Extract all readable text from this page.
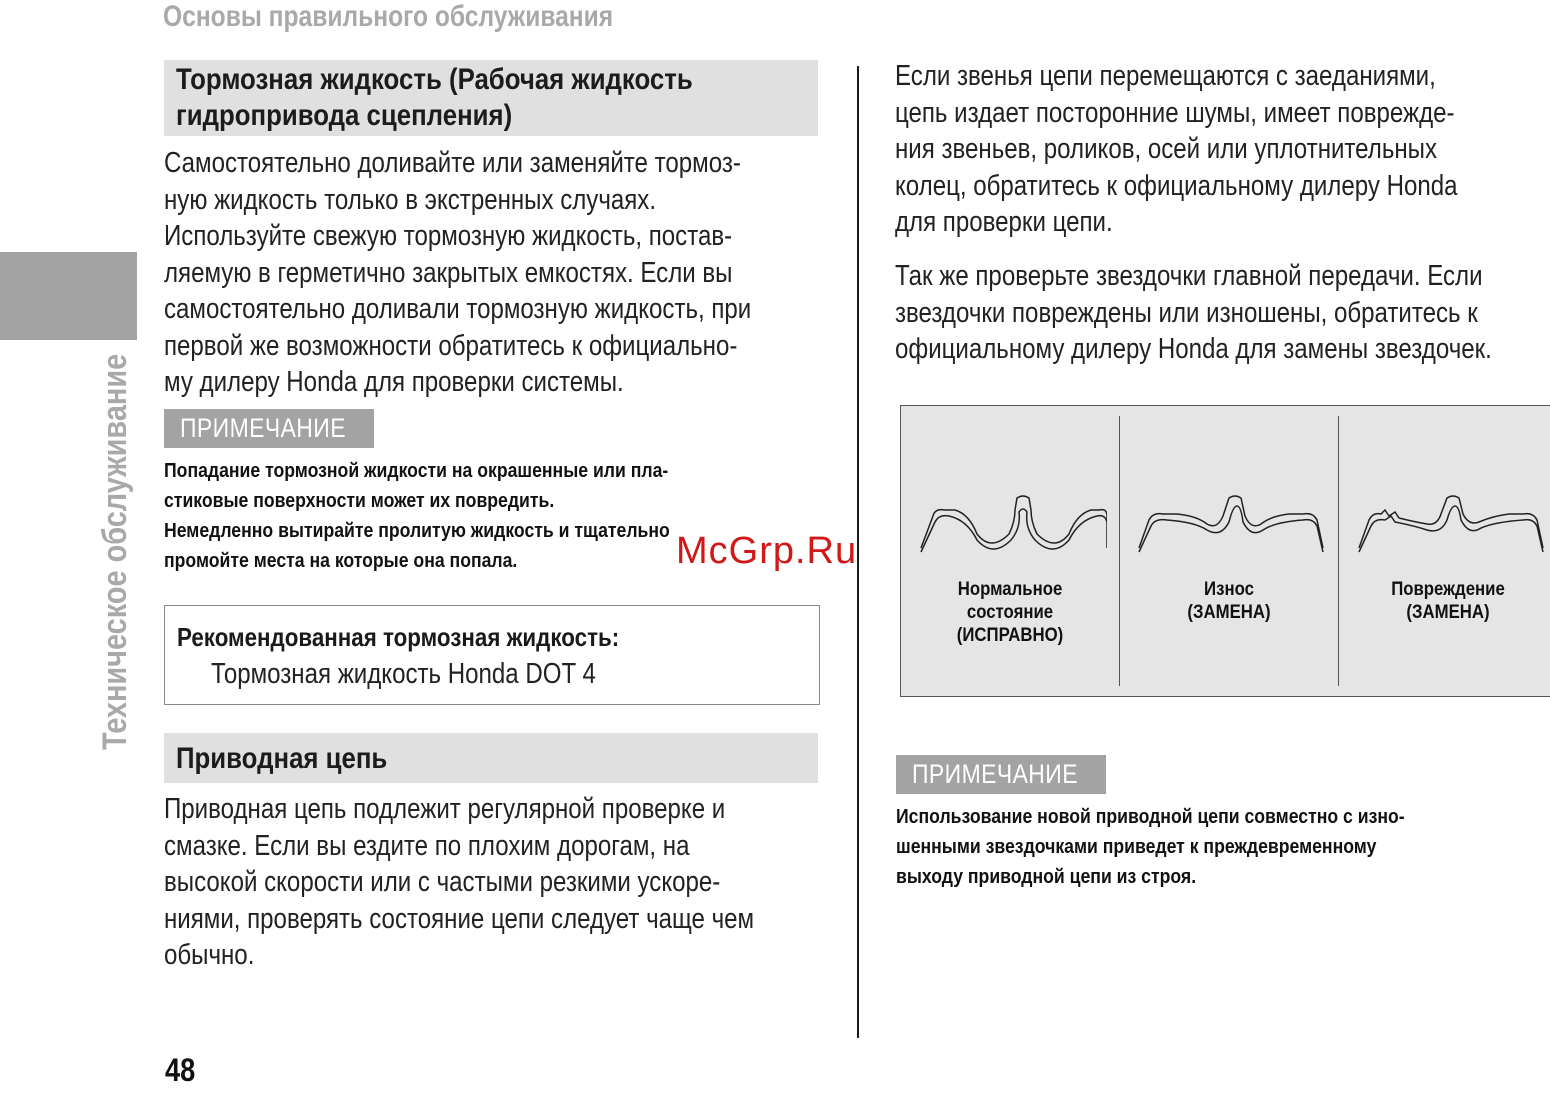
Основы правильного обслуживания
Техническое обслуживание
Тормозная жидкость (Рабочая жидкость
гидропривода сцепления)
Самостоятельно доливайте или заменяйте тормоз-
ную жидкость только в экстренных случаях.
Используйте свежую тормозную жидкость, постав-
ляемую в герметично закрытых емкостях. Если вы
самостоятельно доливали тормозную жидкость, при
первой же возможности обратитесь к официально-
му дилеру Honda для проверки системы.
ПРИМЕЧАНИЕ
Попадание тормозной жидкости на окрашенные или пла-
стиковые поверхности может их повредить.
Немедленно вытирайте пролитую жидкость и тщательно
промойте места на которые она попала.
Рекомендованная тормозная жидкость:
Тормозная жидкость Honda DOT 4
Приводная цепь
Приводная цепь подлежит регулярной проверке и
смазке. Если вы ездите по плохим дорогам, на
высокой скорости или с частыми резкими ускоре-
ниями, проверять состояние цепи следует чаще чем
обычно.
Если звенья цепи перемещаются с заеданиями,
цепь издает посторонние шумы, имеет поврежде-
ния звеньев, роликов, осей или уплотнительных
колец, обратитесь к официальному дилеру Honda
для проверки цепи.
Так же проверьте звездочки главной передачи. Если
звездочки повреждены или изношены, обратитесь к
официальному дилеру Honda для замены звездочек.
Нормальное
состояние
(ИСПРАВНО)
Износ
(ЗАМЕНА)
Повреждение
(ЗАМЕНА)
ПРИМЕЧАНИЕ
Использование новой приводной цепи совместно с изно-
шенными звездочками приведет к преждевременному
выходу приводной цепи из строя.
48
McGrp.Ru
